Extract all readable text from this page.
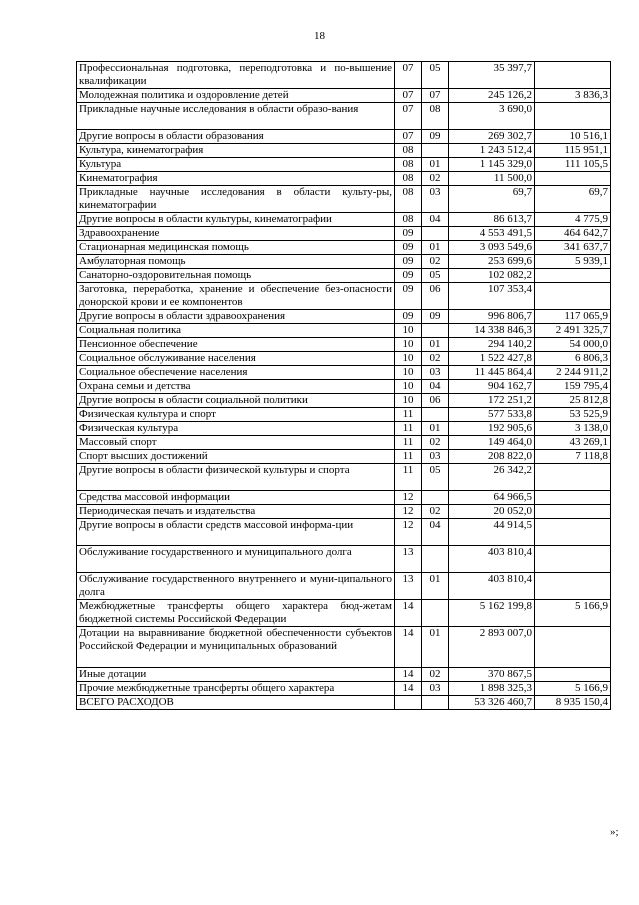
18
Профессиональная подготовка, переподготовка и по-вышение квалификации	07	05	35 397,7	
Молодежная политика и оздоровление детей	07	07	245 126,2	3 836,3
Прикладные научные исследования в области образо-вания	07	08	3 690,0	
Другие вопросы в области образования	07	09	269 302,7	10 516,1
Культура, кинематография	08		1 243 512,4	115 951,1
Культура	08	01	1 145 329,0	111 105,5
Кинематография	08	02	11 500,0	
Прикладные научные исследования в области культу-ры, кинематографии	08	03	69,7	69,7
Другие вопросы в области культуры, кинематографии	08	04	86 613,7	4 775,9
Здравоохранение	09		4 553 491,5	464 642,7
Стационарная медицинская помощь	09	01	3 093 549,6	341 637,7
Амбулаторная помощь	09	02	253 699,6	5 939,1
Санаторно-оздоровительная помощь	09	05	102 082,2	
Заготовка, переработка, хранение и обеспечение без-опасности донорской крови и ее компонентов	09	06	107 353,4	
Другие вопросы в области здравоохранения	09	09	996 806,7	117 065,9
Социальная политика	10		14 338 846,3	2 491 325,7
Пенсионное обеспечение	10	01	294 140,2	54 000,0
Социальное обслуживание населения	10	02	1 522 427,8	6 806,3
Социальное обеспечение населения	10	03	11 445 864,4	2 244 911,2
Охрана семьи и детства	10	04	904 162,7	159 795,4
Другие вопросы в области социальной политики	10	06	172 251,2	25 812,8
Физическая культура и спорт	11		577 533,8	53 525,9
Физическая культура	11	01	192 905,6	3 138,0
Массовый спорт	11	02	149 464,0	43 269,1
Спорт высших достижений	11	03	208 822,0	7 118,8
Другие вопросы в области физической культуры и спорта	11	05	26 342,2	
Средства массовой информации	12		64 966,5	
Периодическая печать и издательства	12	02	20 052,0	
Другие вопросы в области средств массовой информа-ции	12	04	44 914,5	
Обслуживание государственного и муниципального долга	13		403 810,4	
Обслуживание государственного внутреннего и муни-ципального долга	13	01	403 810,4	
Межбюджетные трансферты общего характера бюд-жетам бюджетной системы Российской Федерации	14		5 162 199,8	5 166,9
Дотации на выравнивание бюджетной обеспеченности субъектов Российской Федерации и муниципальных образований	14	01	2 893 007,0	
Иные дотации	14	02	370 867,5	
Прочие межбюджетные трансферты общего характера	14	03	1 898 325,3	5 166,9
ВСЕГО РАСХОДОВ			53 326 460,7	8 935 150,4
»;
